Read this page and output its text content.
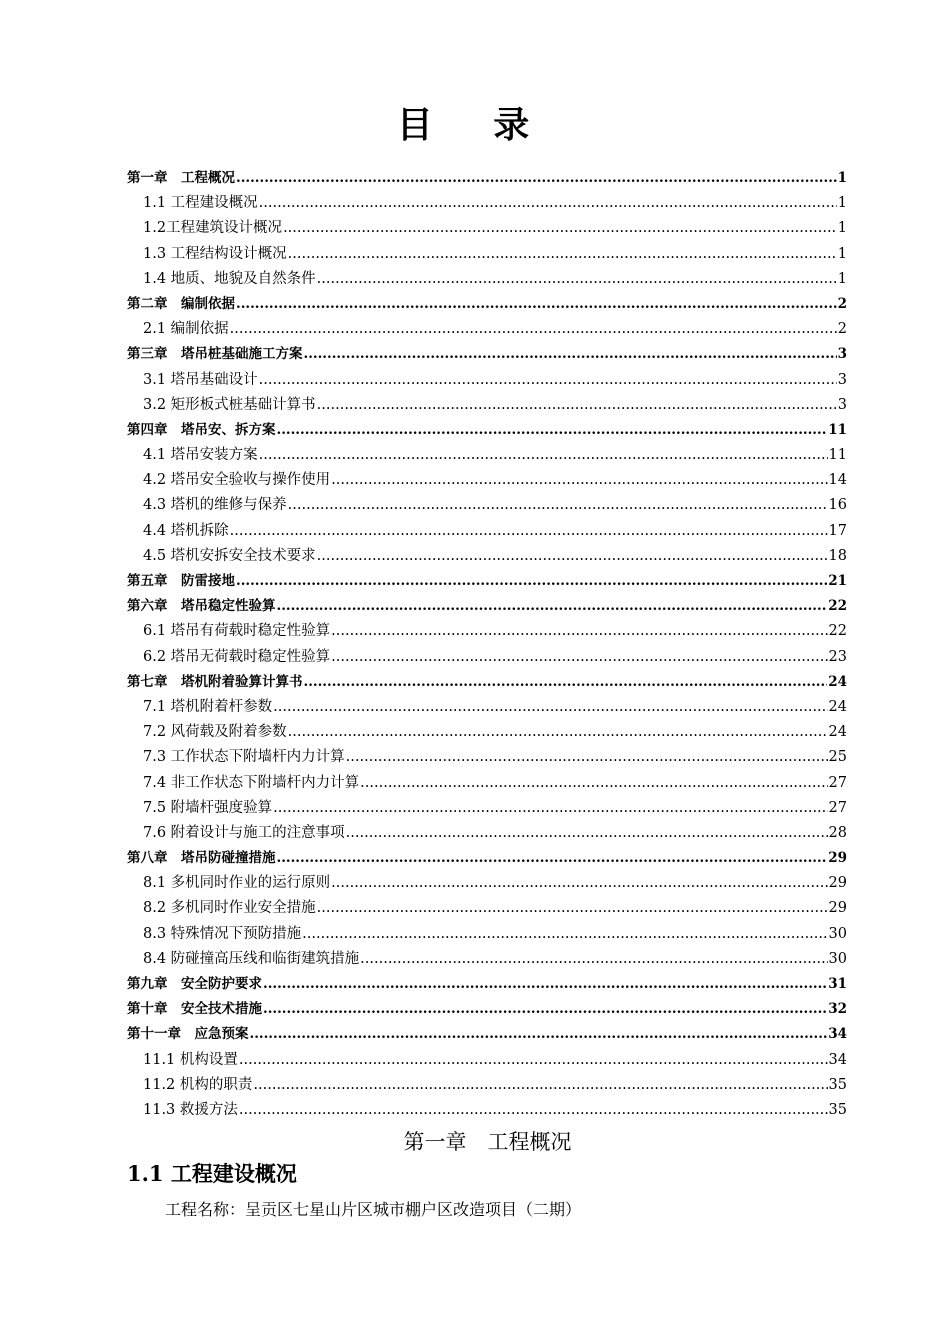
目 录
第一章　工程概况 .....	1
1.1 工程建设概况 .....	1
1.2工程建筑设计概况 .....	1
1.3 工程结构设计概况 .....	1
1.4 地质、地貌及自然条件 .....	1
第二章　编制依据 .....	2
2.1 编制依据 .....	2
第三章　塔吊桩基础施工方案 .....	3
3.1 塔吊基础设计 .....	3
3.2 矩形板式桩基础计算书 .....	3
第四章　塔吊安、拆方案 .....	11
4.1 塔吊安装方案 .....	11
4.2 塔吊安全验收与操作使用 .....	14
4.3 塔机的维修与保养 .....	16
4.4 塔机拆除 .....	17
4.5 塔机安拆安全技术要求 .....	18
第五章　防雷接地 .....	21
第六章　塔吊稳定性验算 .....	22
6.1 塔吊有荷载时稳定性验算 .....	22
6.2 塔吊无荷载时稳定性验算 .....	23
第七章　塔机附着验算计算书 .....	24
7.1 塔机附着杆参数 .....	24
7.2 风荷载及附着参数 .....	24
7.3 工作状态下附墙杆内力计算 .....	25
7.4 非工作状态下附墙杆内力计算 .....	27
7.5 附墙杆强度验算 .....	27
7.6 附着设计与施工的注意事项 .....	28
第八章　塔吊防碰撞措施 .....	29
8.1 多机同时作业的运行原则 .....	29
8.2 多机同时作业安全措施 .....	29
8.3 特殊情况下预防措施 .....	30
8.4 防碰撞高压线和临街建筑措施 .....	30
第九章　安全防护要求 .....	31
第十章　安全技术措施 .....	32
第十一章　应急预案 .....	34
11.1 机构设置 .....	34
11.2 机构的职责 .....	35
11.3 救援方法 .....	35
第一章　工程概况
1.1 工程建设概况
工程名称：呈贡区七星山片区城市棚户区改造项目（二期）
